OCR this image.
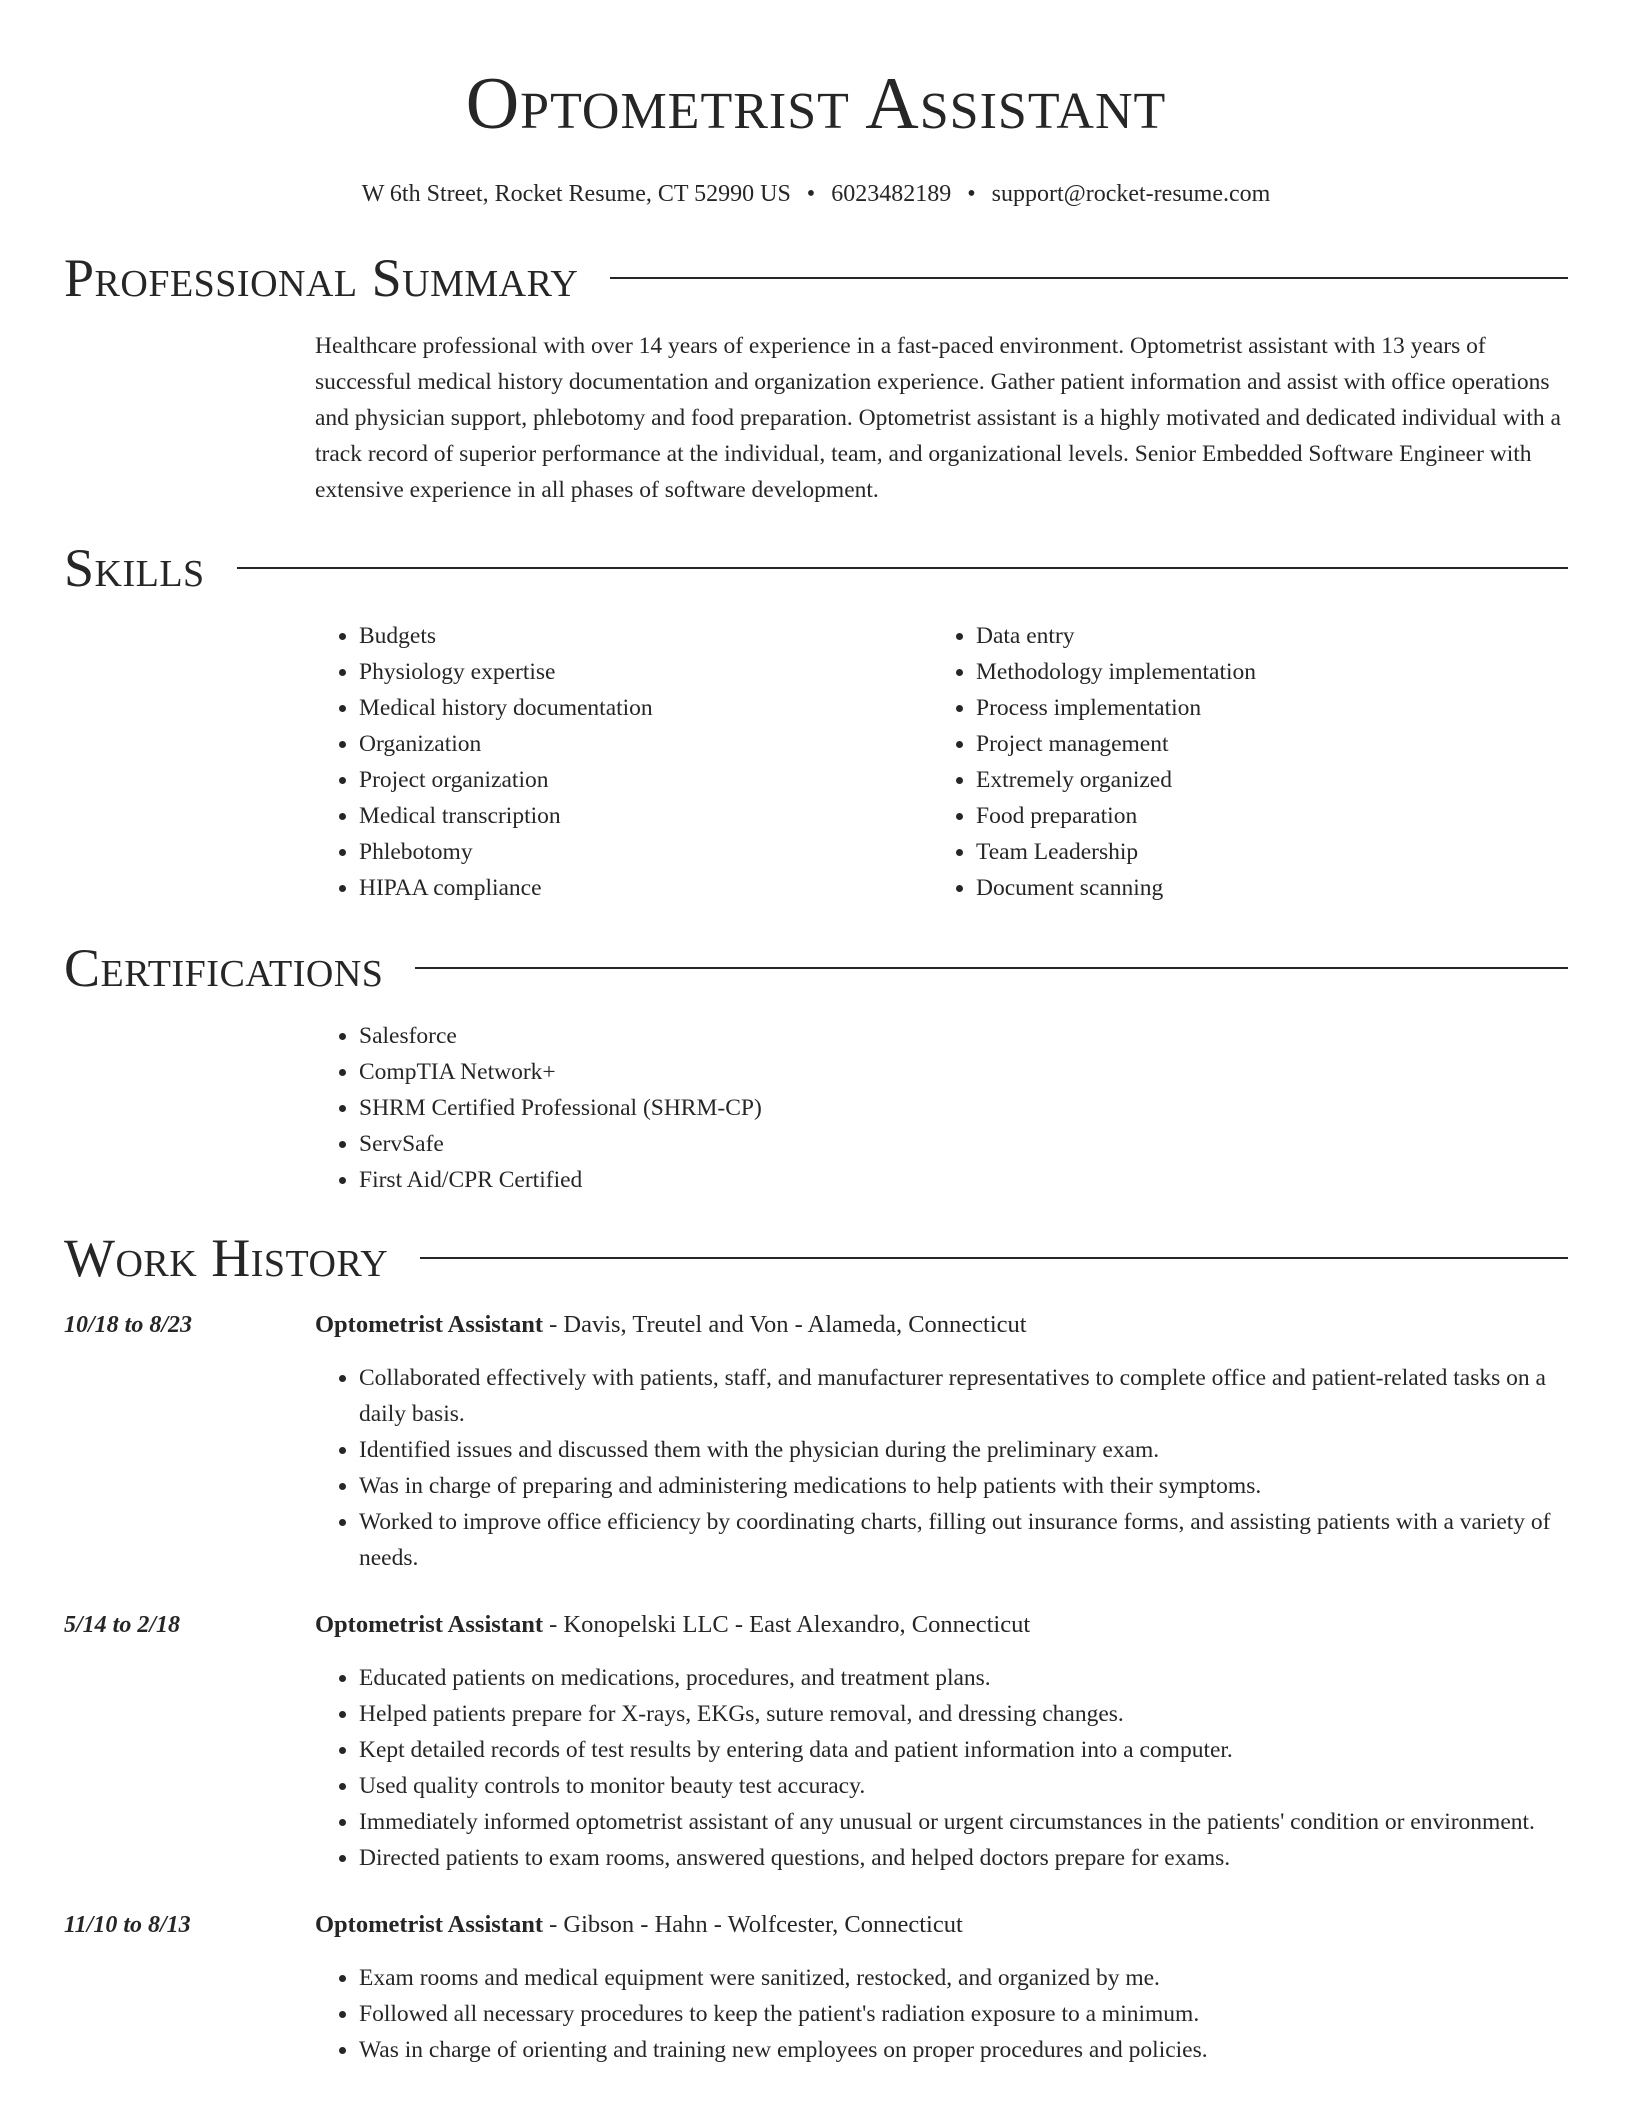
Optometrist Assistant
W 6th Street, Rocket Resume, CT 52990 US • 6023482189 • support@rocket-resume.com
Professional Summary
Healthcare professional with over 14 years of experience in a fast-paced environment. Optometrist assistant with 13 years of successful medical history documentation and organization experience. Gather patient information and assist with office operations and physician support, phlebotomy and food preparation. Optometrist assistant is a highly motivated and dedicated individual with a track record of superior performance at the individual, team, and organizational levels. Senior Embedded Software Engineer with extensive experience in all phases of software development.
Skills
• Budgets
• Physiology expertise
• Medical history documentation
• Organization
• Project organization
• Medical transcription
• Phlebotomy
• HIPAA compliance
• Data entry
• Methodology implementation
• Process implementation
• Project management
• Extremely organized
• Food preparation
• Team Leadership
• Document scanning
Certifications
• Salesforce
• CompTIA Network+
• SHRM Certified Professional (SHRM-CP)
• ServSafe
• First Aid/CPR Certified
Work History
10/18 to 8/23	Optometrist Assistant - Davis, Treutel and Von - Alameda, Connecticut
• Collaborated effectively with patients, staff, and manufacturer representatives to complete office and patient-related tasks on a daily basis.
• Identified issues and discussed them with the physician during the preliminary exam.
• Was in charge of preparing and administering medications to help patients with their symptoms.
• Worked to improve office efficiency by coordinating charts, filling out insurance forms, and assisting patients with a variety of needs.
5/14 to 2/18	Optometrist Assistant - Konopelski LLC - East Alexandro, Connecticut
• Educated patients on medications, procedures, and treatment plans.
• Helped patients prepare for X-rays, EKGs, suture removal, and dressing changes.
• Kept detailed records of test results by entering data and patient information into a computer.
• Used quality controls to monitor beauty test accuracy.
• Immediately informed optometrist assistant of any unusual or urgent circumstances in the patients' condition or environment.
• Directed patients to exam rooms, answered questions, and helped doctors prepare for exams.
11/10 to 8/13	Optometrist Assistant - Gibson - Hahn - Wolfcester, Connecticut
• Exam rooms and medical equipment were sanitized, restocked, and organized by me.
• Followed all necessary procedures to keep the patient's radiation exposure to a minimum.
• Was in charge of orienting and training new employees on proper procedures and policies.
